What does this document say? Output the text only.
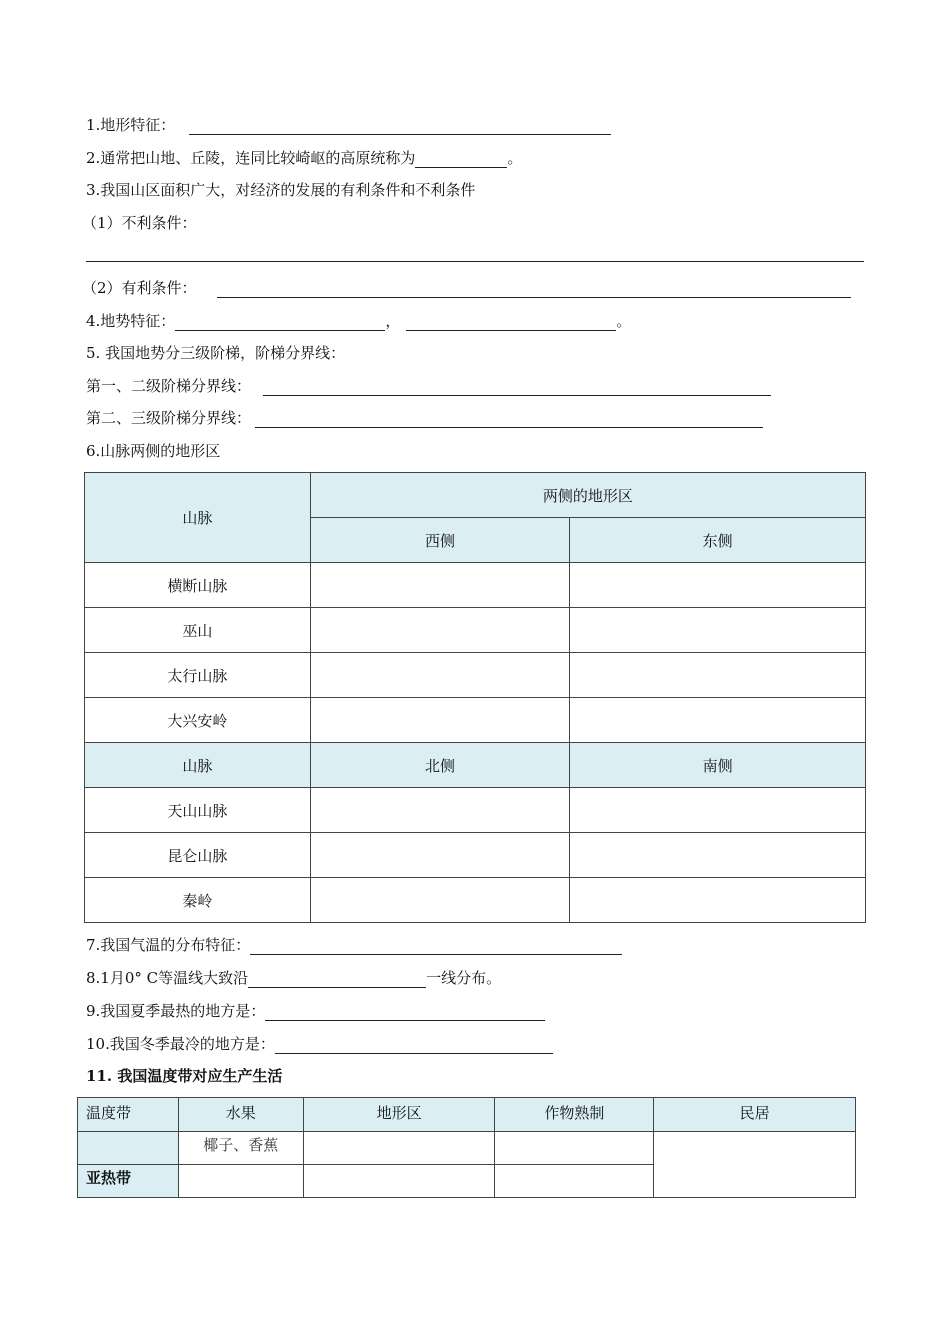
1.地形特征：
2.通常把山地、丘陵，连同比较崎岖的高原统称为	。
3.我国山区面积广大，对经济的发展的有利条件和不利条件
（1）不利条件：
（2）有利条件：
4.地势特征：	，	。
5. 我国地势分三级阶梯，阶梯分界线：
第一、二级阶梯分界线：
第二、三级阶梯分界线：
6.山脉两侧的地形区
山脉	两侧的地形区	
	西侧	东侧
横断山脉		
巫山		
太行山脉		
大兴安岭		
山脉	北侧	南侧
天山山脉		
昆仑山脉		
秦岭		
7.我国气温的分布特征：
8.1月0° C等温线大致沿	一线分布。
9.我国夏季最热的地方是：
10.我国冬季最冷的地方是：
11. 我国温度带对应生产生活
温度带	水果	地形区	作物熟制	民居
	椰子、香蕉			
亚热带				
